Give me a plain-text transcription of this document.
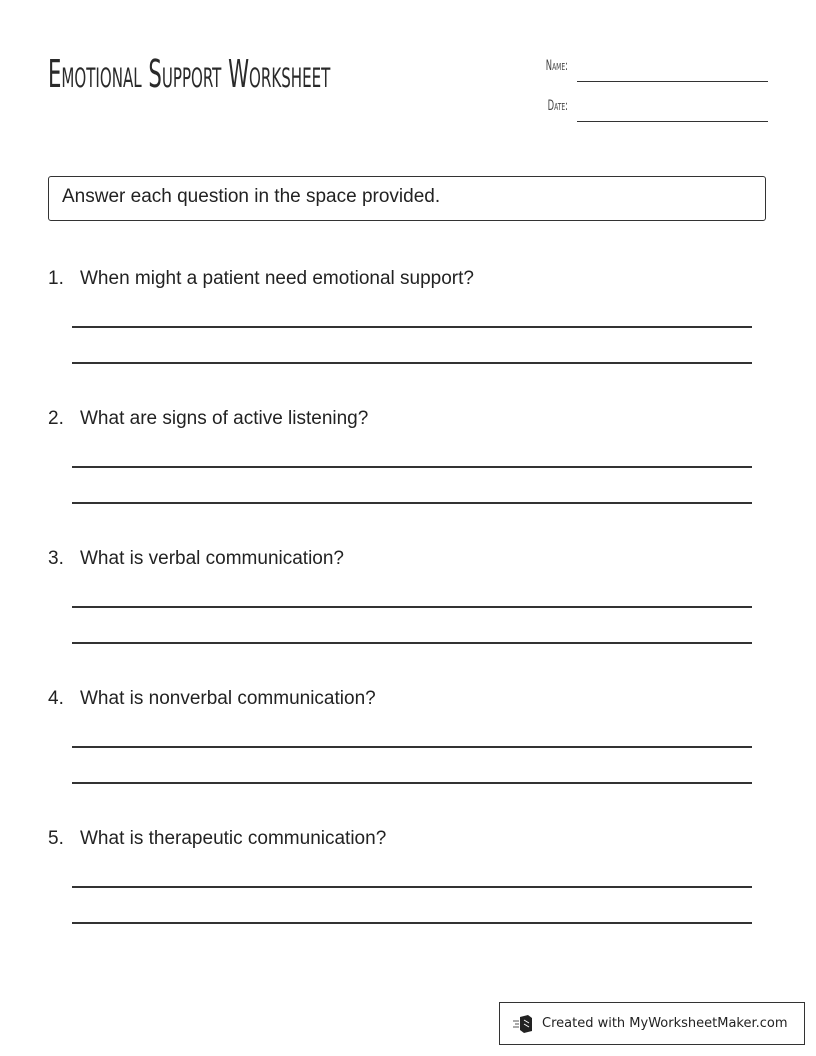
Emotional Support Worksheet	Name:
Date:
Answer each question in the space provided.
1. When might a patient need emotional support?
2. What are signs of active listening?
3. What is verbal communication?
4. What is nonverbal communication?
5. What is therapeutic communication?
Created with MyWorksheetMaker.com
